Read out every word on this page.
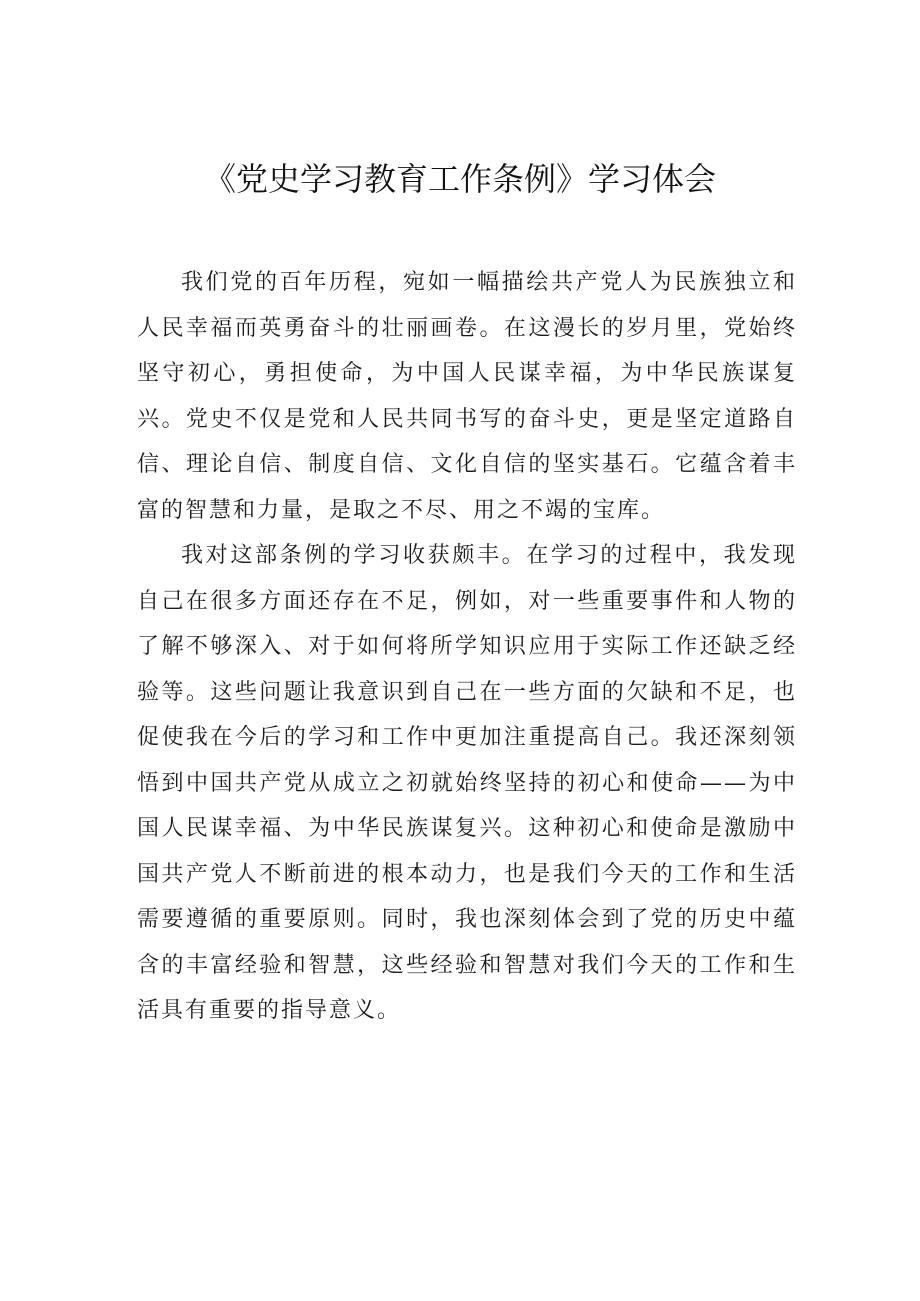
《党史学习教育工作条例》学习体会

我们党的百年历程，宛如一幅描绘共产党人为民族独立和人民幸福而英勇奋斗的壮丽画卷。在这漫长的岁月里，党始终坚守初心，勇担使命，为中国人民谋幸福，为中华民族谋复兴。党史不仅是党和人民共同书写的奋斗史，更是坚定道路自信、理论自信、制度自信、文化自信的坚实基石。它蕴含着丰富的智慧和力量，是取之不尽、用之不竭的宝库。

我对这部条例的学习收获颇丰。在学习的过程中，我发现自己在很多方面还存在不足，例如，对一些重要事件和人物的了解不够深入、对于如何将所学知识应用于实际工作还缺乏经验等。这些问题让我意识到自己在一些方面的欠缺和不足，也促使我在今后的学习和工作中更加注重提高自己。我还深刻领悟到中国共产党从成立之初就始终坚持的初心和使命——为中国人民谋幸福、为中华民族谋复兴。这种初心和使命是激励中国共产党人不断前进的根本动力，也是我们今天的工作和生活需要遵循的重要原则。同时，我也深刻体会到了党的历史中蕴含的丰富经验和智慧，这些经验和智慧对我们今天的工作和生活具有重要的指导意义。
